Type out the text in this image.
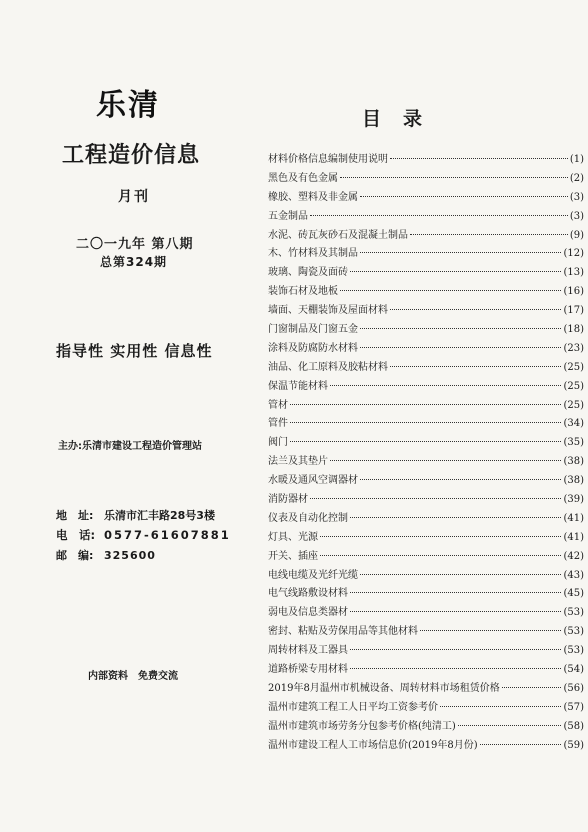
乐清
工程造价信息
月刊
二〇一九年 第八期
总第324期
指导性 实用性 信息性
主办:乐清市建设工程造价管理站
地　址: 乐清市汇丰路28号3楼
电　话: 0577-61607881
邮　编: 325600
内部资料　免费交流
目录
材料价格信息编制使用说明	(1)
黑色及有色金属	(2)
橡胶、塑料及非金属	(3)
五金制品	(3)
水泥、砖瓦灰砂石及混凝土制品	(9)
木、竹材料及其制品	(12)
玻璃、陶瓷及面砖	(13)
装饰石材及地板	(16)
墙面、天棚装饰及屋面材料	(17)
门窗制品及门窗五金	(18)
涂料及防腐防水材料	(23)
油品、化工原料及胶粘材料	(25)
保温节能材料	(25)
管材	(25)
管件	(34)
阀门	(35)
法兰及其垫片	(38)
水暖及通风空调器材	(38)
消防器材	(39)
仪表及自动化控制	(41)
灯具、光源	(41)
开关、插座	(42)
电线电缆及光纤光缆	(43)
电气线路敷设材料	(45)
弱电及信息类器材	(53)
密封、粘贴及劳保用品等其他材料	(53)
周转材料及工器具	(53)
道路桥梁专用材料	(54)
2019年8月温州市机械设备、周转材料市场租赁价格	(56)
温州市建筑工程工人日平均工资参考价	(57)
温州市建筑市场劳务分包参考价格(纯清工)	(58)
温州市建设工程人工市场信息价(2019年8月份)	(59)
